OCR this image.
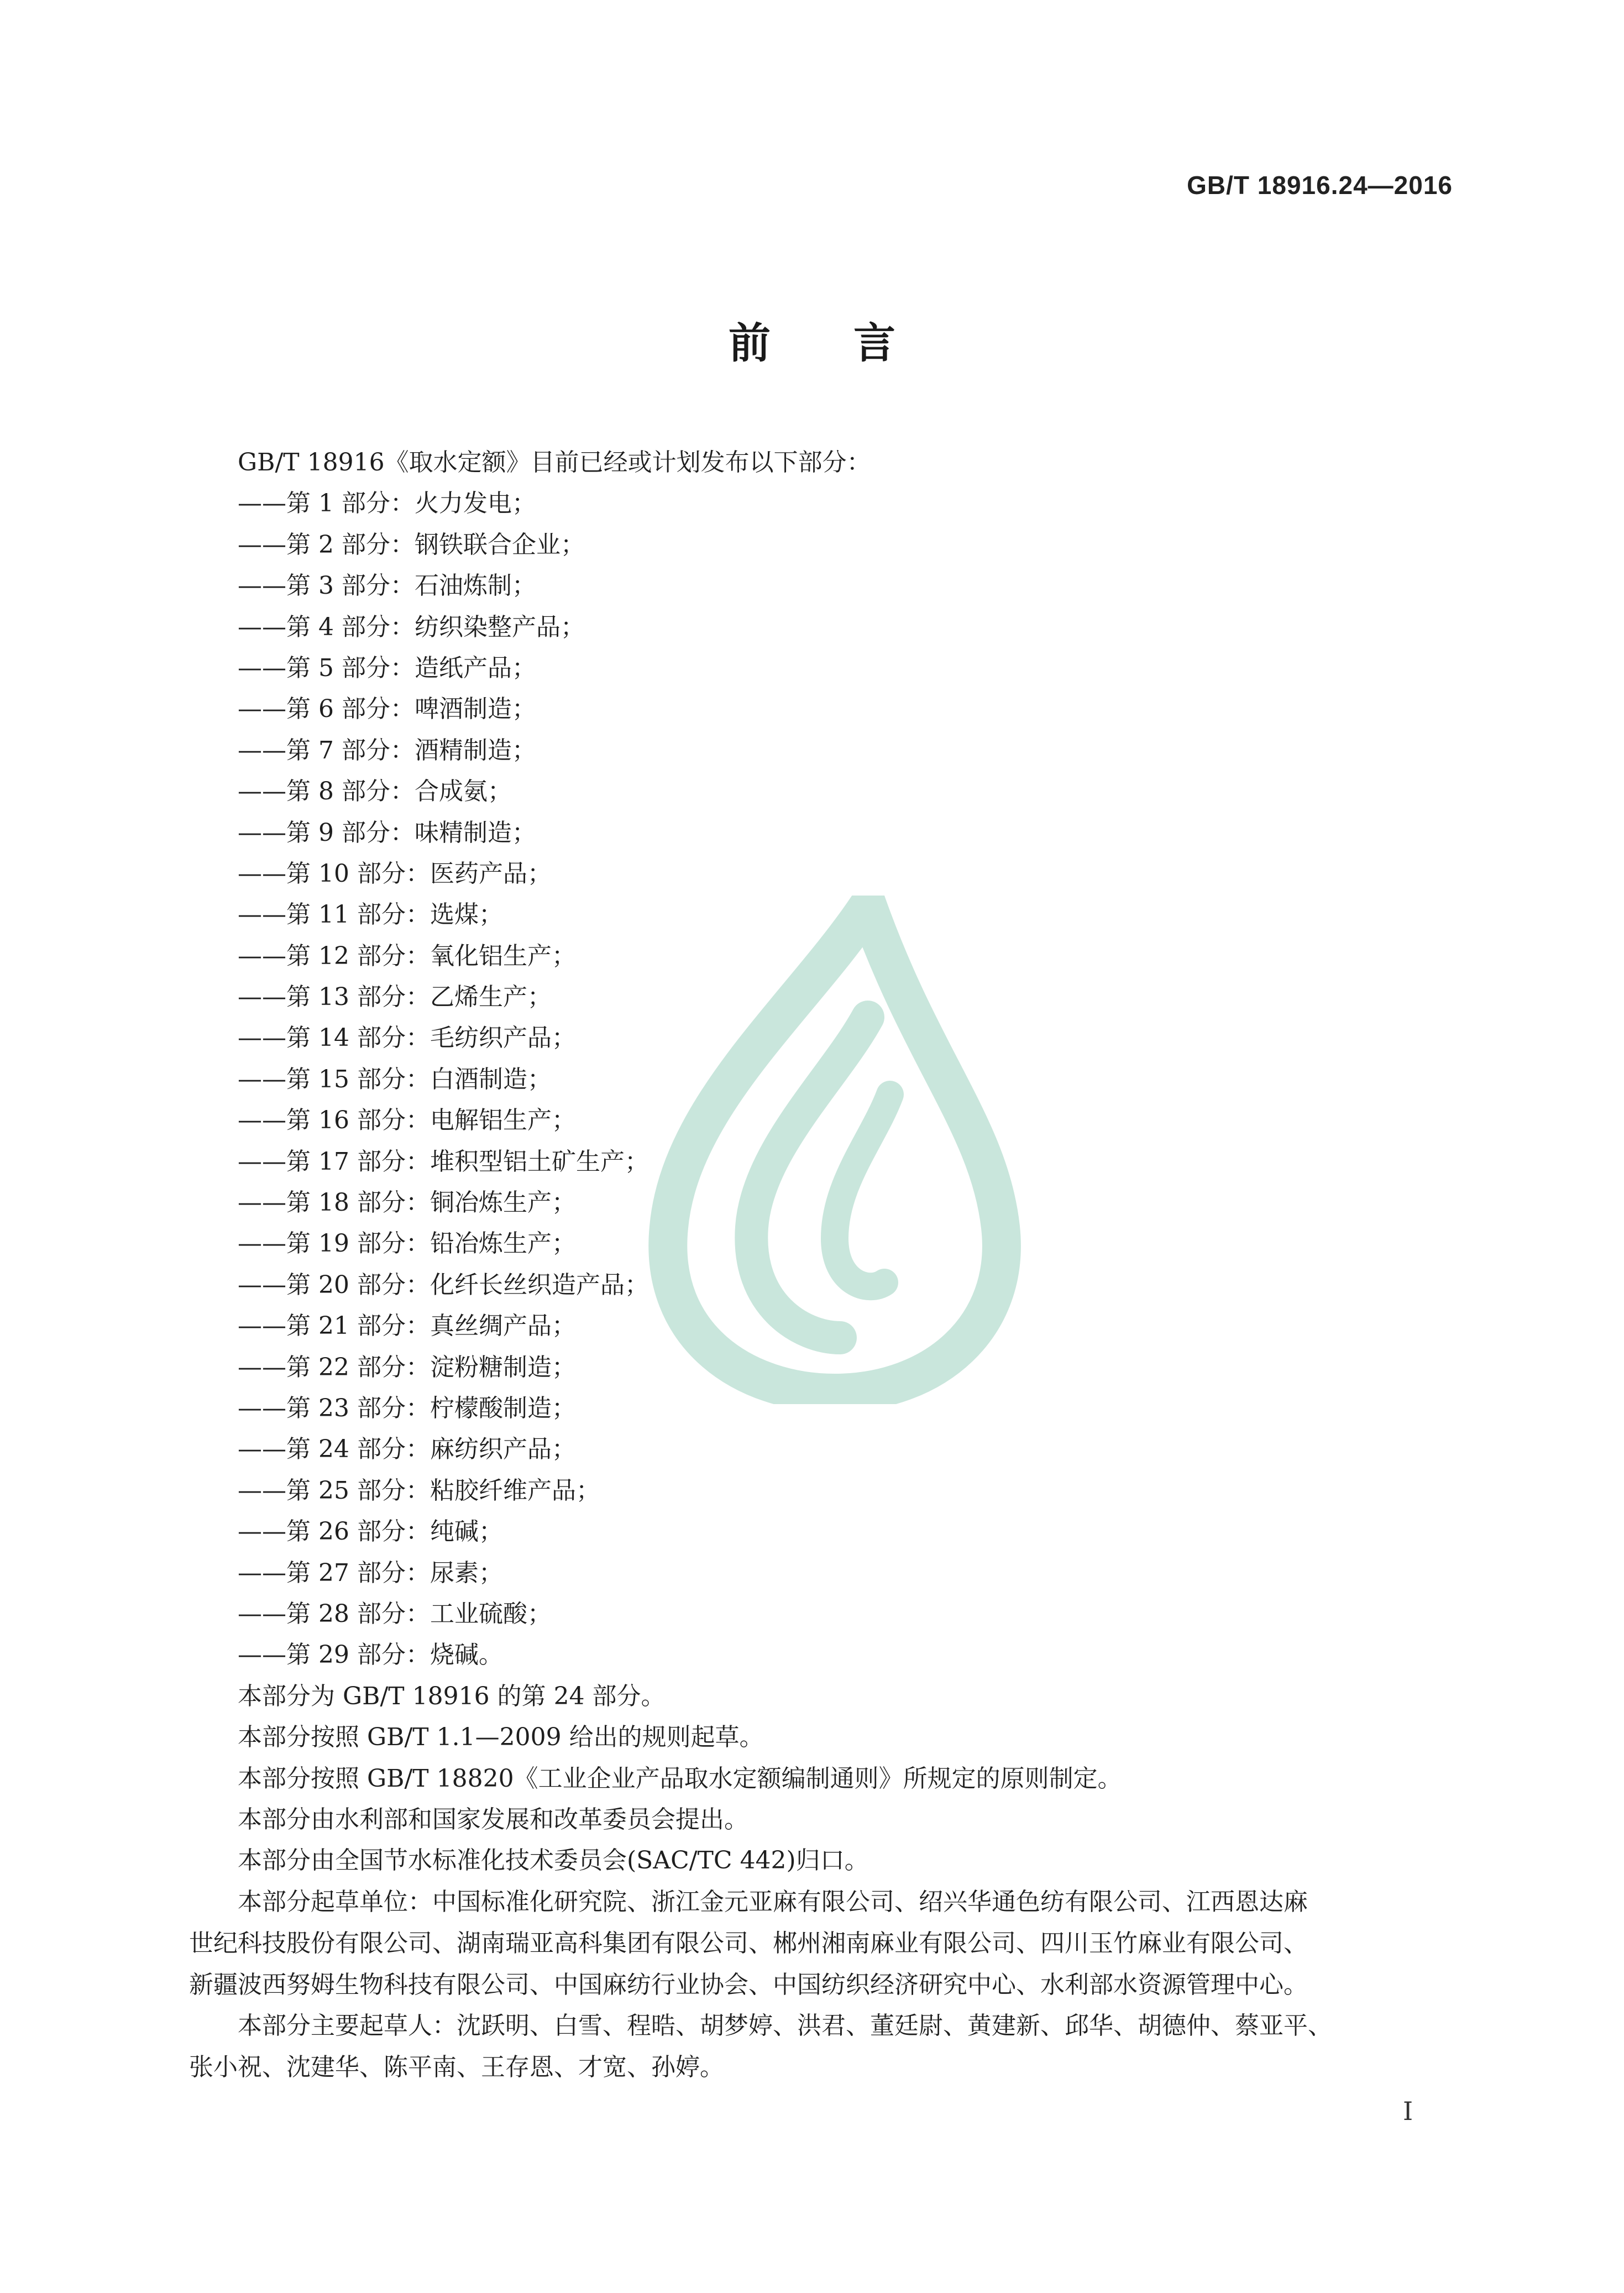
GB/T 18916.24—2016
前言
GB/T 18916《取水定额》目前已经或计划发布以下部分：
——第 1 部分：火力发电；
——第 2 部分：钢铁联合企业；
——第 3 部分：石油炼制；
——第 4 部分：纺织染整产品；
——第 5 部分：造纸产品；
——第 6 部分：啤酒制造；
——第 7 部分：酒精制造；
——第 8 部分：合成氨；
——第 9 部分：味精制造；
——第 10 部分：医药产品；
——第 11 部分：选煤；
——第 12 部分：氧化铝生产；
——第 13 部分：乙烯生产；
——第 14 部分：毛纺织产品；
——第 15 部分：白酒制造；
——第 16 部分：电解铝生产；
——第 17 部分：堆积型铝土矿生产；
——第 18 部分：铜冶炼生产；
——第 19 部分：铅冶炼生产；
——第 20 部分：化纤长丝织造产品；
——第 21 部分：真丝绸产品；
——第 22 部分：淀粉糖制造；
——第 23 部分：柠檬酸制造；
——第 24 部分：麻纺织产品；
——第 25 部分：粘胶纤维产品；
——第 26 部分：纯碱；
——第 27 部分：尿素；
——第 28 部分：工业硫酸；
——第 29 部分：烧碱。
本部分为 GB/T 18916 的第 24 部分。
本部分按照 GB/T 1.1—2009 给出的规则起草。
本部分按照 GB/T 18820《工业企业产品取水定额编制通则》所规定的原则制定。
本部分由水利部和国家发展和改革委员会提出。
本部分由全国节水标准化技术委员会(SAC/TC 442)归口。
本部分起草单位：中国标准化研究院、浙江金元亚麻有限公司、绍兴华通色纺有限公司、江西恩达麻
世纪科技股份有限公司、湖南瑞亚高科集团有限公司、郴州湘南麻业有限公司、四川玉竹麻业有限公司、
新疆波西努姆生物科技有限公司、中国麻纺行业协会、中国纺织经济研究中心、水利部水资源管理中心。
本部分主要起草人：沈跃明、白雪、程晧、胡梦婷、洪君、董廷尉、黄建新、邱华、胡德仲、蔡亚平、
张小祝、沈建华、陈平南、王存恩、才宽、孙婷。
I
